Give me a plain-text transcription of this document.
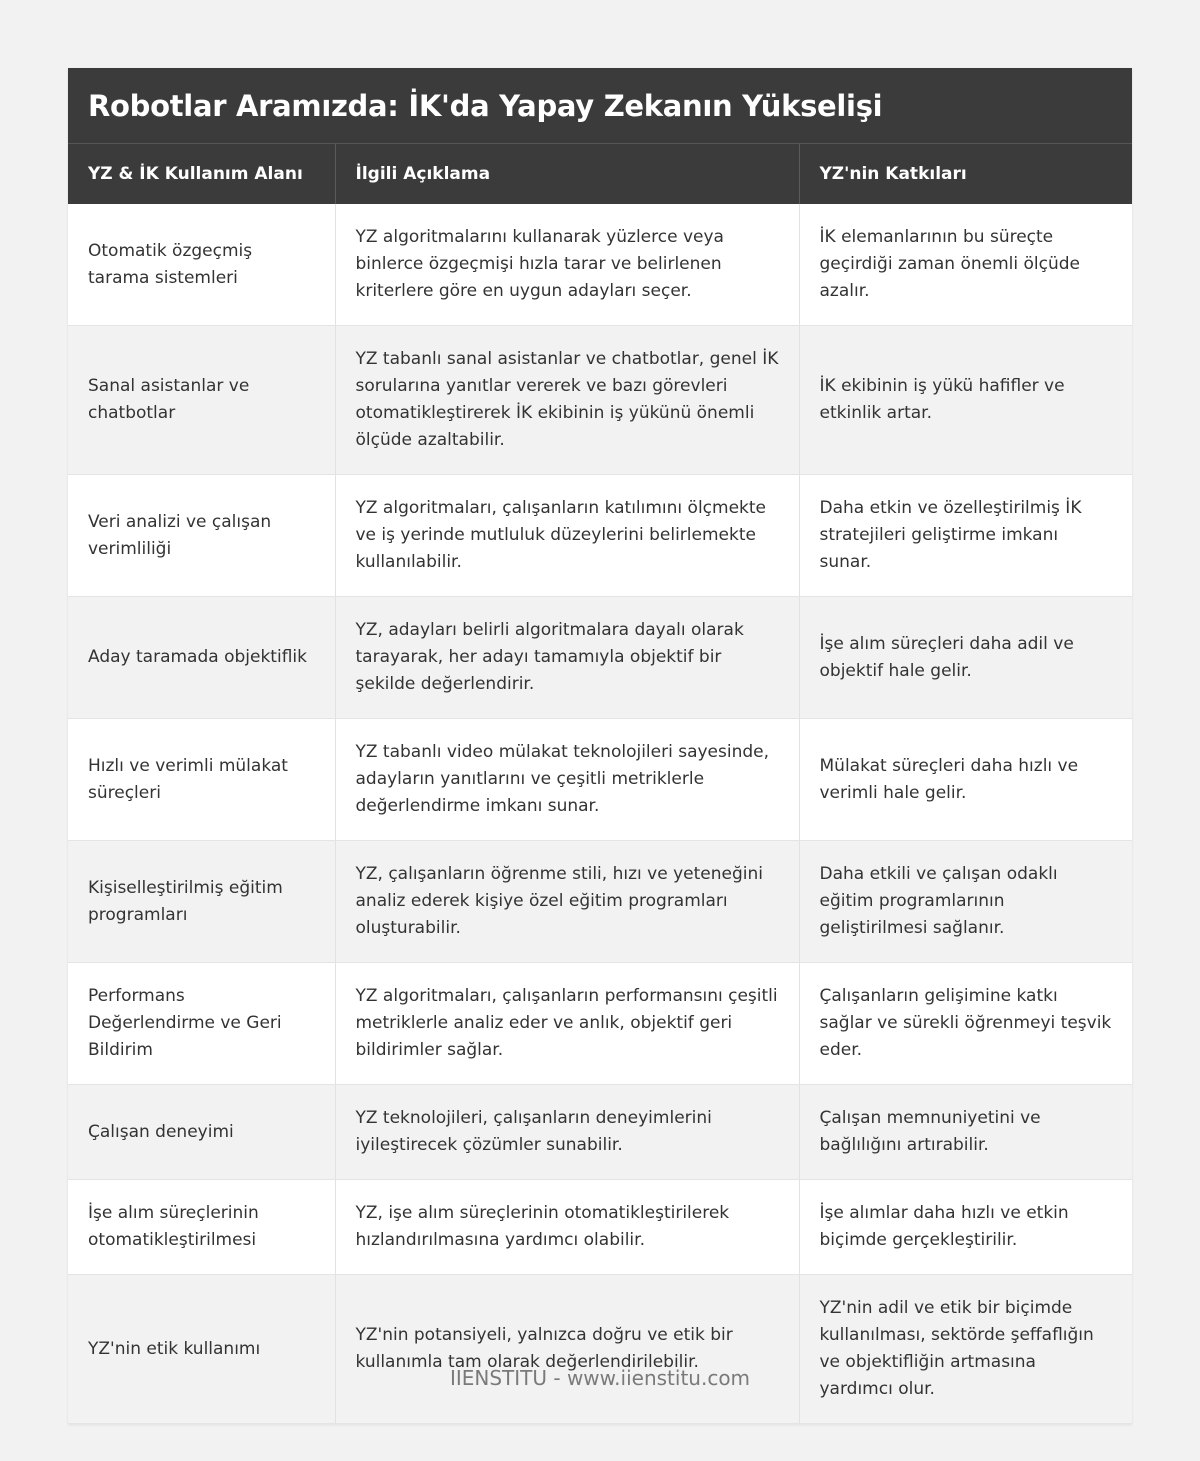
Robotlar Aramızda: İK'da Yapay Zekanın Yükselişi
YZ & İK Kullanım Alanı	İlgili Açıklama	YZ'nin Katkıları
Otomatik özgeçmiş tarama sistemleri	YZ algoritmalarını kullanarak yüzlerce veya binlerce özgeçmişi hızla tarar ve belirlenen kriterlere göre en uygun adayları seçer.	İK elemanlarının bu süreçte geçirdiği zaman önemli ölçüde azalır.
Sanal asistanlar ve chatbotlar	YZ tabanlı sanal asistanlar ve chatbotlar, genel İK sorularına yanıtlar vererek ve bazı görevleri otomatikleştirerek İK ekibinin iş yükünü önemli ölçüde azaltabilir.	İK ekibinin iş yükü hafifler ve etkinlik artar.
Veri analizi ve çalışan verimliliği	YZ algoritmaları, çalışanların katılımını ölçmekte ve iş yerinde mutluluk düzeylerini belirlemekte kullanılabilir.	Daha etkin ve özelleştirilmiş İK stratejileri geliştirme imkanı sunar.
Aday taramada objektiflik	YZ, adayları belirli algoritmalara dayalı olarak tarayarak, her adayı tamamıyla objektif bir şekilde değerlendirir.	İşe alım süreçleri daha adil ve objektif hale gelir.
Hızlı ve verimli mülakat süreçleri	YZ tabanlı video mülakat teknolojileri sayesinde, adayların yanıtlarını ve çeşitli metriklerle değerlendirme imkanı sunar.	Mülakat süreçleri daha hızlı ve verimli hale gelir.
Kişiselleştirilmiş eğitim programları	YZ, çalışanların öğrenme stili, hızı ve yeteneğini analiz ederek kişiye özel eğitim programları oluşturabilir.	Daha etkili ve çalışan odaklı eğitim programlarının geliştirilmesi sağlanır.
Performans Değerlendirme ve Geri Bildirim	YZ algoritmaları, çalışanların performansını çeşitli metriklerle analiz eder ve anlık, objektif geri bildirimler sağlar.	Çalışanların gelişimine katkı sağlar ve sürekli öğrenmeyi teşvik eder.
Çalışan deneyimi	YZ teknolojileri, çalışanların deneyimlerini iyileştirecek çözümler sunabilir.	Çalışan memnuniyetini ve bağlılığını artırabilir.
İşe alım süreçlerinin otomatikleştirilmesi	YZ, işe alım süreçlerinin otomatikleştirilerek hızlandırılmasına yardımcı olabilir.	İşe alımlar daha hızlı ve etkin biçimde gerçekleştirilir.
YZ'nin etik kullanımı	YZ'nin potansiyeli, yalnızca doğru ve etik bir kullanımla tam olarak değerlendirilebilir.	YZ'nin adil ve etik bir biçimde kullanılması, sektörde şeffaflığın ve objektifliğin artmasına yardımcı olur.
IIENSTITU - www.iienstitu.com
